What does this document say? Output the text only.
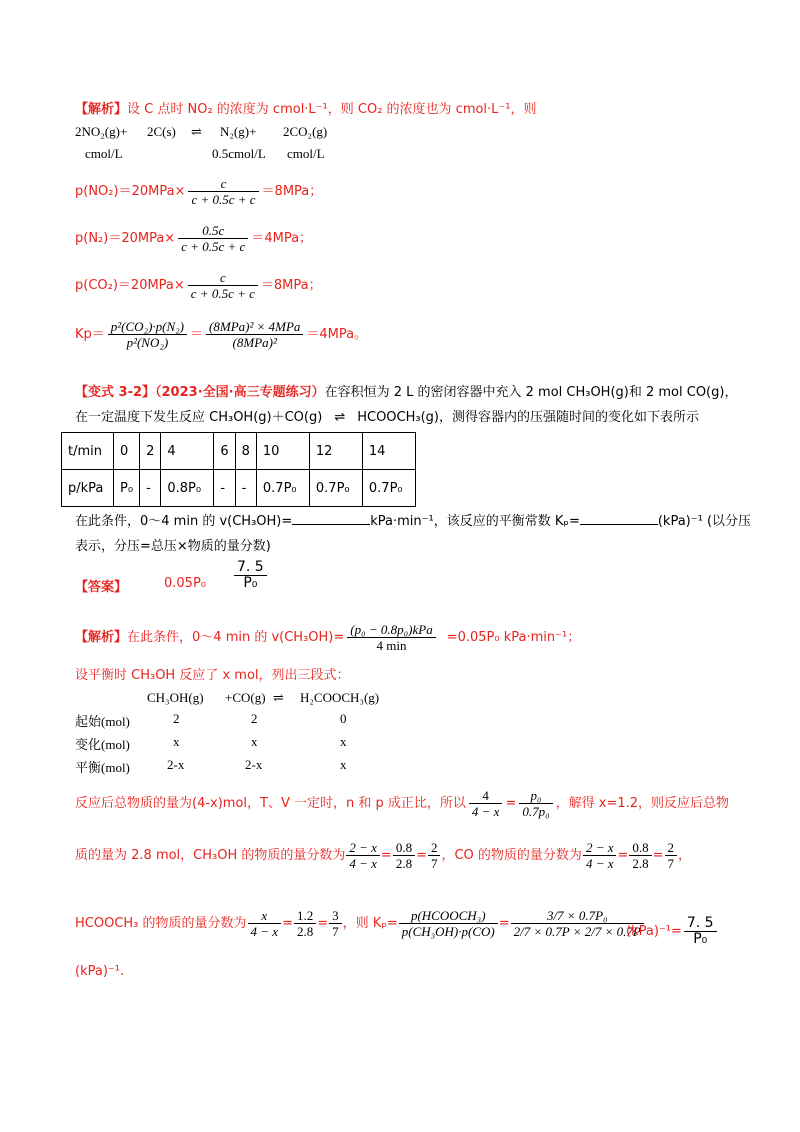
【解析】设 C 点时 NO₂ 的浓度为 cmol·L⁻¹，则 CO₂ 的浓度也为 cmol·L⁻¹，则
2NO₂(g)+ 2C(s) ⇌ N₂(g)+ 2CO₂(g)
cmol/L	0.5cmol/L cmol/L
$p(NO_2)=20MPa\times \frac{c}{c + 0.5c + c} =8MPa$；
$p(N_2)=20MPa\times \frac{0.5c}{c + 0.5c + c} =4MPa$；
$p(CO_2)=20MPa\times \frac{c}{c + 0.5c + c} =8MPa$；
$Kp= \frac{\text{p²(CO₂)·p(N₂)}}{\text{p²(NO₂)}} = \frac{\text{(8MPa)² × 4MPa}}{\text{(8MPa)²}} =4MPa$。
【变式 3-2】（2023·全国·高三专题练习）在容积恒为 2 L 的密闭容器中充入 2 mol CH₃OH(g)和 2 mol CO(g)，
在一定温度下发生反应 CH₃OH(g)＋CO(g) ⇌ HCOOCH₃(g)，测得容器内的压强随时间的变化如下表所示
t/min	0	2	4	6	8	10	12	14
p/kPa	P₀	-	0.8P₀	-	-	0.7P₀	0.7P₀	0.7P₀
在此条件，0～4 min 的 v(CH₃OH)=	kPa·min⁻¹，该反应的平衡常数 Kₚ=	(kPa)⁻¹ (以分压
表示，分压=总压×物质的量分数)
【答案】	$0.05P_0 \frac{7. 5}{\text{P₀}}$
【解析】在此条件，0～4 min 的 $v(CH_3OH)= \frac{\text{(p₀ − 0.8p₀)kPa}}{4 \min} =0.05P_0$ kPa·min⁻¹；
设平衡时 CH₃OH 反应了 x mol，列出三段式：
CH₃OH(g) +CO(g) ⇌ H₂COOCH₃(g)
起始(mol)	2	2	0
变化(mol)	x	x	x
平衡(mol)	2-x	2-x	x
反应后总物质的量为(4-x)mol，T、V 一定时，n 和 p 成正比，所以 $\frac{4}{4 - x} = \frac{\text{p₀}}{\text{0.7p₀}}$ ，解得 x=1.2，则反应后总物
质的量为 2.8 mol，CH₃OH 的物质的量分数为 $\frac{2 - x}{4 - x} = \frac{0.8}{2.8} = \frac{2}{7}$ ，CO 的物质的量分数为 $\frac{2 - x}{4 - x} = \frac{0.8}{2.8} = \frac{2}{7}$ ，
HCOOCH₃ 的物质的量分数为 $\frac{x}{4 - x} = \frac{1.2}{2.8} = \frac{3}{7}$ ，则 $K_p= \frac{\text{p(HCOOCH₃)}}{\text{p(CH₃OH)·p(CO)}} = \frac{\text{3/7 × 0.7P₀}}{2/7 \times 0.7P \times 2/7 \times 0.7P}$
$(kPa)^{-1}= \frac{7. 5}{\text{P₀}}$
(kPa)⁻¹.
